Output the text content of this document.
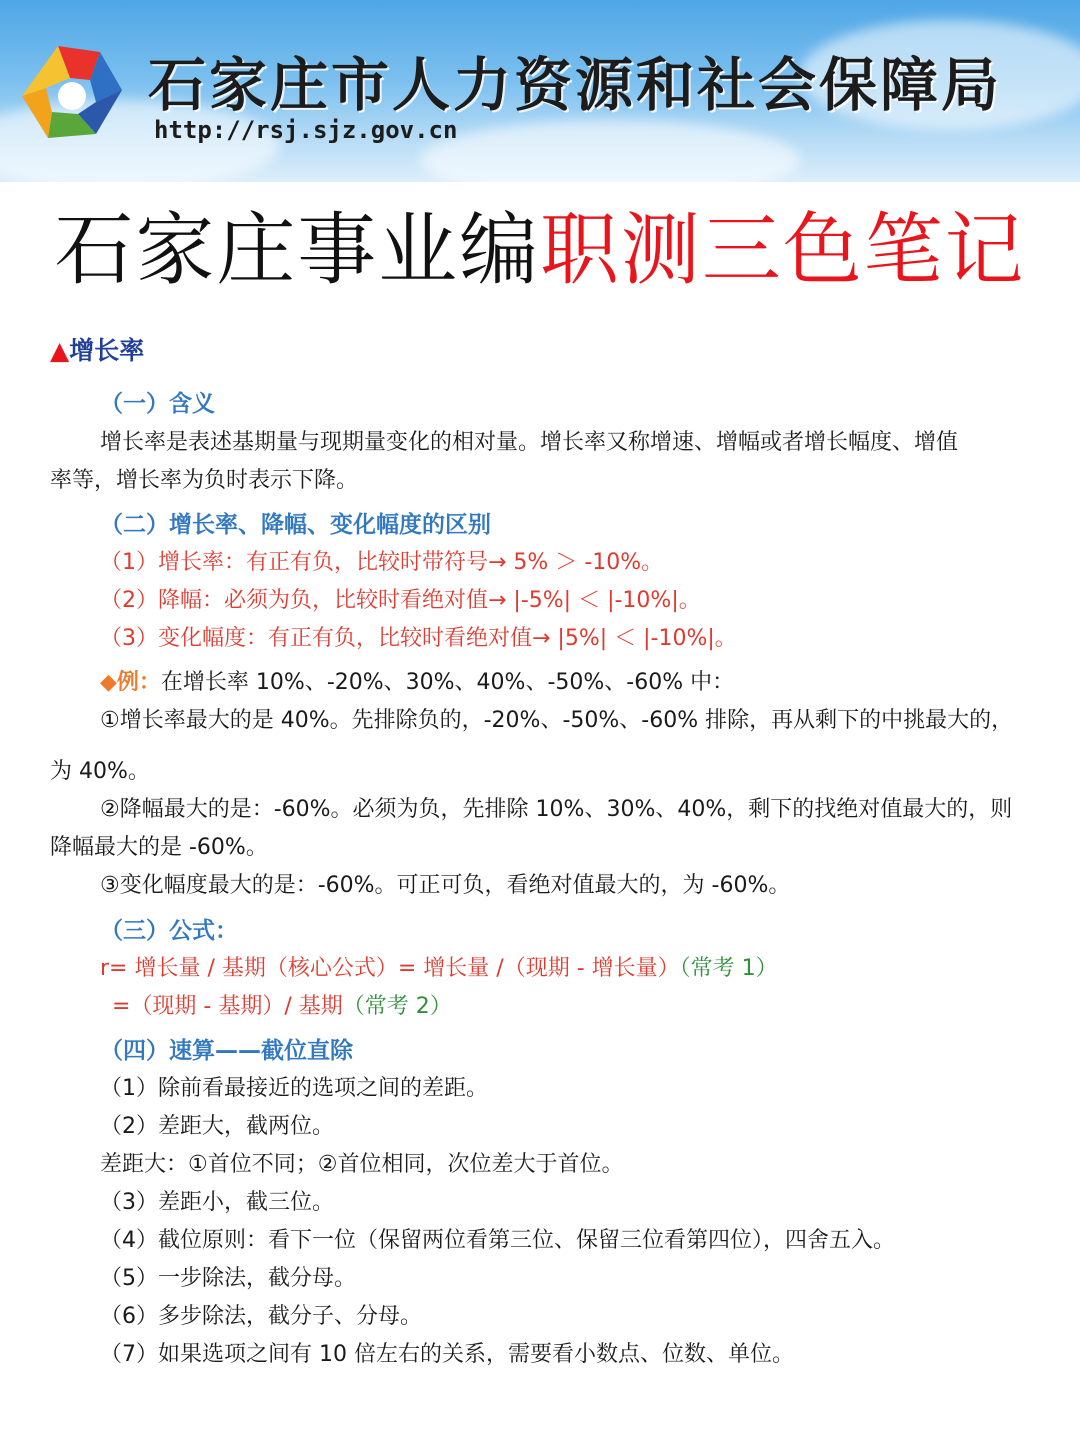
石家庄市人力资源和社会保障局
http://rsj.sjz.gov.cn
石家庄事业编职测三色笔记
▲增长率
（一）含义
增长率是表述基期量与现期量变化的相对量。增长率又称增速、增幅或者增长幅度、增值
率等，增长率为负时表示下降。
（二）增长率、降幅、变化幅度的区别
（1）增长率：有正有负，比较时带符号→ 5% ＞ -10%。
（2）降幅：必须为负，比较时看绝对值→ |-5%| ＜ |-10%|。
（3）变化幅度：有正有负，比较时看绝对值→ |5%| ＜ |-10%|。
◆例：在增长率 10%、-20%、30%、40%、-50%、-60% 中：
①增长率最大的是 40%。先排除负的，-20%、-50%、-60% 排除，再从剩下的中挑最大的，
为 40%。
②降幅最大的是：-60%。必须为负，先排除 10%、30%、40%，剩下的找绝对值最大的，则
降幅最大的是 -60%。
③变化幅度最大的是：-60%。可正可负，看绝对值最大的，为 -60%。
（三）公式：
r= 增长量 / 基期（核心公式）= 增长量 /（现期 - 增长量）（常考 1）
=（现期 - 基期）/ 基期（常考 2）
（四）速算——截位直除
（1）除前看最接近的选项之间的差距。
（2）差距大，截两位。
差距大：①首位不同；②首位相同，次位差大于首位。
（3）差距小，截三位。
（4）截位原则：看下一位（保留两位看第三位、保留三位看第四位），四舍五入。
（5）一步除法，截分母。
（6）多步除法，截分子、分母。
（7）如果选项之间有 10 倍左右的关系，需要看小数点、位数、单位。
